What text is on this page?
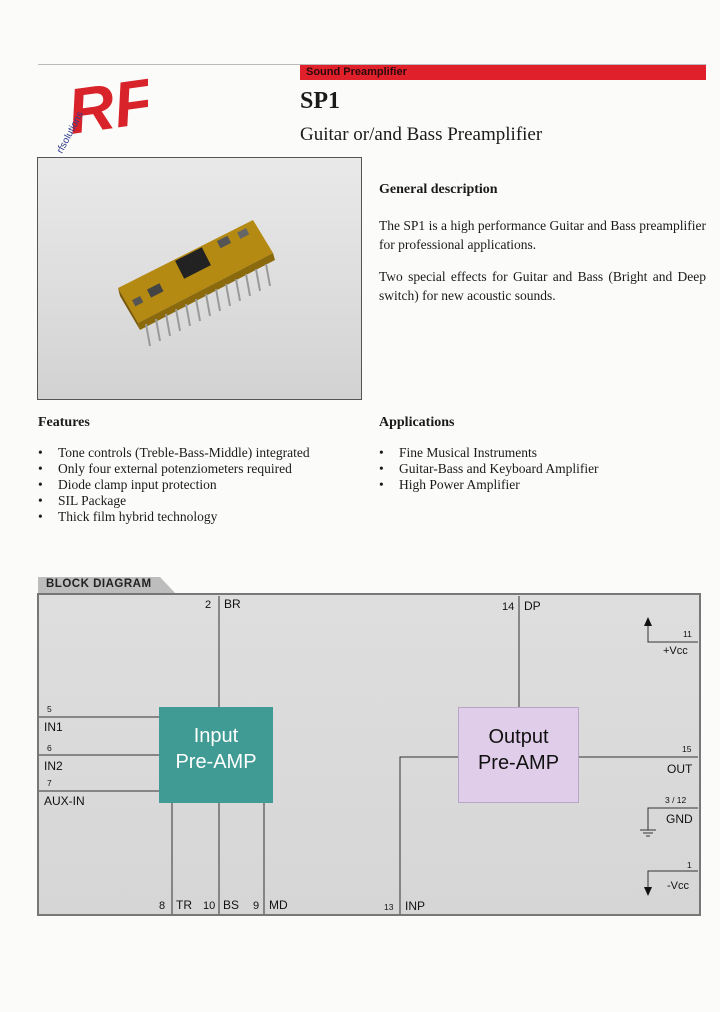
Sound Preamplifier
RF
rfsolutions
SP1
Guitar or/and Bass Preamplifier
General description
The SP1 is a high performance Guitar and Bass preamplifier for professional applications.
Two special effects for Guitar and Bass (Bright and Deep switch) for new acoustic sounds.
Features
• Tone controls (Treble-Bass-Middle) integrated
• Only four external potenziometers required
• Diode clamp input protection
• SIL Package
• Thick film hybrid technology
Applications
• Fine Musical Instruments
• Guitar-Bass and Keyboard Amplifier
• High Power Amplifier
BLOCK DIAGRAM
Input
Pre-AMP
Output
Pre-AMP
2 BR	14 DP
11
+Vcc
5
IN1
6
IN2
7
AUX-IN
15
OUT
3 / 12
GND
1
-Vcc
8 TR 10 BS 9 MD	13 INP
